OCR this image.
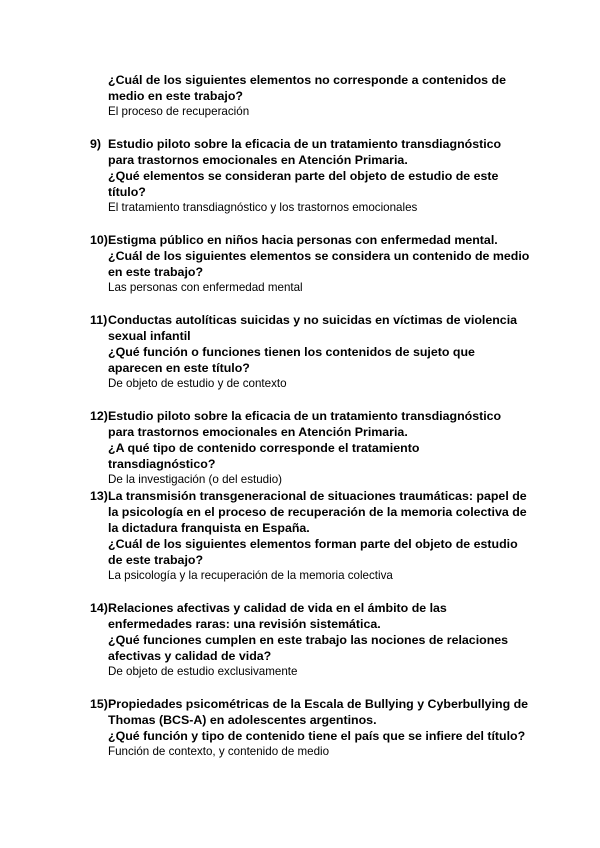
¿Cuál de los siguientes elementos no corresponde a contenidos de medio en este trabajo?

El proceso de recuperación

9) Estudio piloto sobre la eficacia de un tratamiento transdiagnóstico para trastornos emocionales en Atención Primaria.

¿Qué elementos se consideran parte del objeto de estudio de este título?

El tratamiento transdiagnóstico y los trastornos emocionales

10) Estigma público en niños hacia personas con enfermedad mental.

¿Cuál de los siguientes elementos se considera un contenido de medio en este trabajo?

Las personas con enfermedad mental

11) Conductas autolíticas suicidas y no suicidas en víctimas de violencia sexual infantil

¿Qué función o funciones tienen los contenidos de sujeto que aparecen en este título?

De objeto de estudio y de contexto

12) Estudio piloto sobre la eficacia de un tratamiento transdiagnóstico para trastornos emocionales en Atención Primaria.

¿A qué tipo de contenido corresponde el tratamiento transdiagnóstico?

De la investigación (o del estudio)

13) La transmisión transgeneracional de situaciones traumáticas: papel de la psicología en el proceso de recuperación de la memoria colectiva de la dictadura franquista en España.

¿Cuál de los siguientes elementos forman parte del objeto de estudio de este trabajo?

La psicología y la recuperación de la memoria colectiva

14) Relaciones afectivas y calidad de vida en el ámbito de las enfermedades raras: una revisión sistemática.

¿Qué funciones cumplen en este trabajo las nociones de relaciones afectivas y calidad de vida?

De objeto de estudio exclusivamente

15) Propiedades psicométricas de la Escala de Bullying y Cyberbullying de Thomas (BCS-A) en adolescentes argentinos.

¿Qué función y tipo de contenido tiene el país que se infiere del título?

Función de contexto, y contenido de medio
